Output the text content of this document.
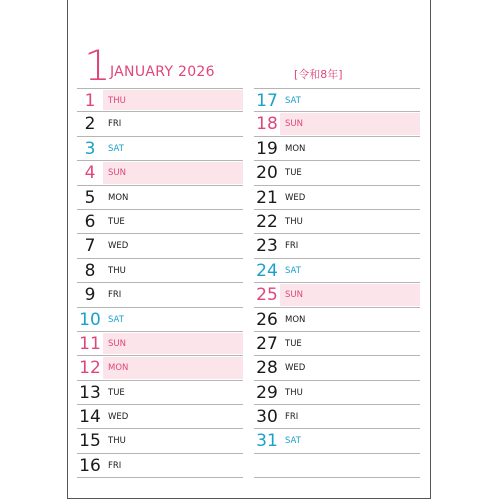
1 JANUARY 2026	[令和8年]
1	THU
2	FRI
3	SAT
4	SUN
5	MON
6	TUE
7	WED
8	THU
9	FRI
10 SAT
11 SUN
12 MON
13 TUE
14 WED
15 THU
16 FRI
17 SAT
18 SUN
19 MON
20 TUE
21 WED
22 THU
23 FRI
24 SAT
25 SUN
26 MON
27 TUE
28 WED
29 THU
30 FRI
31 SAT
